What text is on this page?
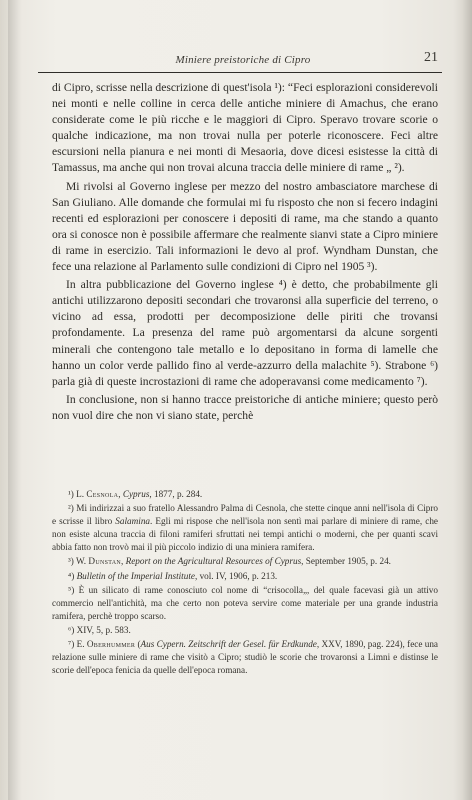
Miniere preistoriche di Cipro	21

di Cipro, scrisse nella descrizione di quest'isola ¹): “Feci esplorazioni considerevoli nei monti e nelle colline in cerca delle antiche miniere di Amachus, che erano considerate come le più ricche e le maggiori di Cipro. Speravo trovare scorie o qualche indicazione, ma non trovai nulla per poterle riconoscere. Feci altre escursioni nella pianura e nei monti di Mesaoria, dove dicesi esistesse la città di Tamassus, ma anche qui non trovai alcuna traccia delle miniere di rame „ ²).

Mi rivolsi al Governo inglese per mezzo del nostro ambasciatore marchese di San Giuliano. Alle domande che formulai mi fu risposto che non si fecero indagini recenti ed esplorazioni per conoscere i depositi di rame, ma che stando a quanto ora si conosce non è possibile affermare che realmente sianvi state a Cipro miniere di rame in esercizio. Tali informazioni le devo al prof. Wyndham Dunstan, che fece una relazione al Parlamento sulle condizioni di Cipro nel 1905 ³).

In altra pubblicazione del Governo inglese ⁴) è detto, che probabilmente gli antichi utilizzarono depositi secondari che trovaronsi alla superficie del terreno, o vicino ad essa, prodotti per decomposizione delle piriti che trovansi profondamente. La presenza del rame può argomentarsi da alcune sorgenti minerali che contengono tale metallo e lo depositano in forma di lamelle che hanno un color verde pallido fino al verde-azzurro della malachite ⁵). Strabone ⁶) parla già di queste incrostazioni di rame che adoperavansi come medicamento ⁷).

In conclusione, non si hanno tracce preistoriche di antiche miniere; questo però non vuol dire che non vi siano state, perchè

¹) L. Cesnola, Cyprus, 1877, p. 284.

²) Mi indirizzai a suo fratello Alessandro Palma di Cesnola, che stette cinque anni nell'isola di Cipro e scrisse il libro Salamina. Egli mi rispose che nell'isola non sentì mai parlare di miniere di rame, che non esiste alcuna traccia di filoni ramiferi sfruttati nei tempi antichi o moderni, che per quanti scavi abbia fatto non trovò mai il più piccolo indizio di una miniera ramifera.

³) W. Dunstan, Report on the Agricultural Resources of Cyprus, September 1905, p. 24.

⁴) Bulletin of the Imperial Institute, vol. IV, 1906, p. 213.

⁵) È un silicato di rame conosciuto col nome di “crisocolla„, del quale facevasi già un attivo commercio nell'antichità, ma che certo non poteva servire come materiale per una grande industria ramifera, perchè troppo scarso.

⁶) XIV, 5, p. 583.

⁷) E. Oberhummer (Aus Cypern. Zeitschrift der Gesel. für Erdkunde, XXV, 1890, pag. 224), fece una relazione sulle miniere di rame che visitò a Cipro; studiò le scorie che trovaronsi a Limni e distinse le scorie dell'epoca fenicia da quelle dell'epoca romana.
